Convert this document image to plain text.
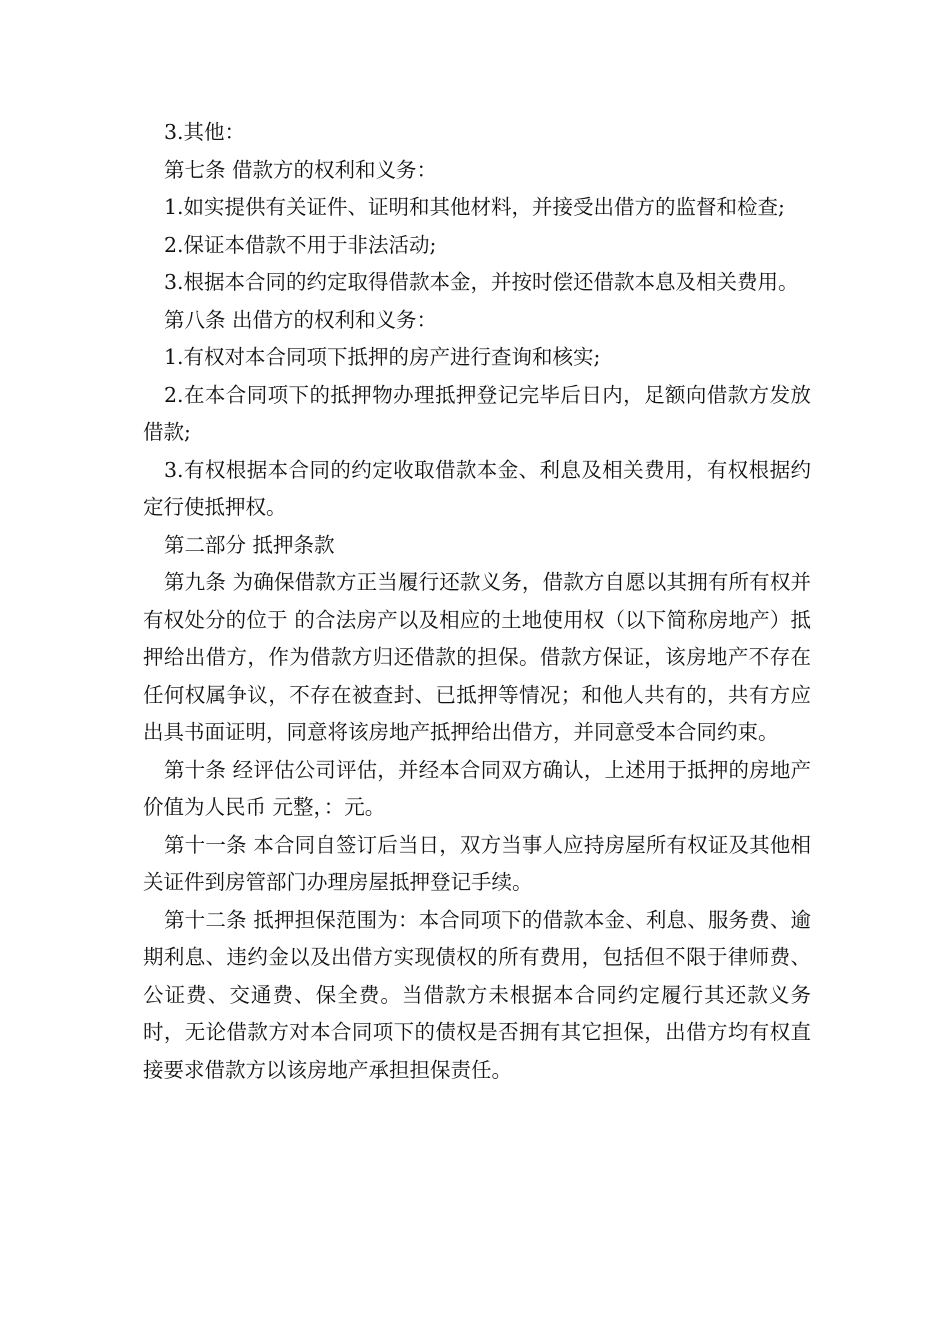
3.其他：

第七条 借款方的权利和义务：

1.如实提供有关证件、证明和其他材料，并接受出借方的监督和检查;

2.保证本借款不用于非法活动;

3.根据本合同的约定取得借款本金，并按时偿还借款本息及相关费用。

第八条 出借方的权利和义务：

1.有权对本合同项下抵押的房产进行查询和核实;

2.在本合同项下的抵押物办理抵押登记完毕后日内，足额向借款方发放借款;

3.有权根据本合同的约定收取借款本金、利息及相关费用，有权根据约定行使抵押权。

第二部分 抵押条款

第九条 为确保借款方正当履行还款义务，借款方自愿以其拥有所有权并有权处分的位于 的合法房产以及相应的土地使用权（以下简称房地产）抵押给出借方，作为借款方归还借款的担保。借款方保证，该房地产不存在任何权属争议，不存在被查封、已抵押等情况；和他人共有的，共有方应出具书面证明，同意将该房地产抵押给出借方，并同意受本合同约束。

第十条 经评估公司评估，并经本合同双方确认，上述用于抵押的房地产价值为人民币 元整，：元。

第十一条 本合同自签订后当日，双方当事人应持房屋所有权证及其他相关证件到房管部门办理房屋抵押登记手续。

第十二条 抵押担保范围为：本合同项下的借款本金、利息、服务费、逾期利息、违约金以及出借方实现债权的所有费用，包括但不限于律师费、公证费、交通费、保全费。当借款方未根据本合同约定履行其还款义务时，无论借款方对本合同项下的债权是否拥有其它担保，出借方均有权直接要求借款方以该房地产承担担保责任。
